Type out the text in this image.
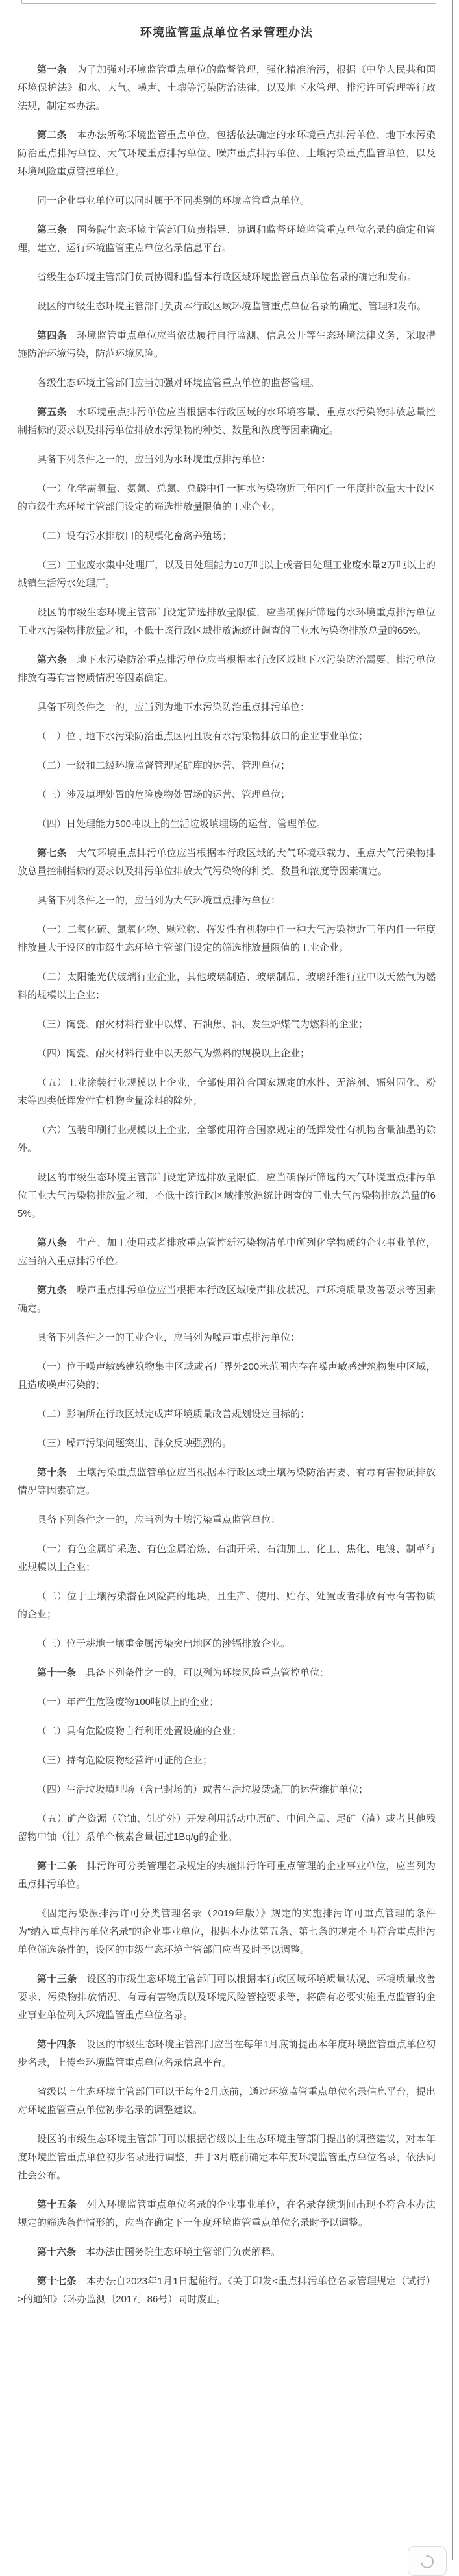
环境监管重点单位名录管理办法

第一条　为了加强对环境监管重点单位的监督管理，强化精准治污，根据《中华人民共和国环境保护法》和水、大气、噪声、土壤等污染防治法律，以及地下水管理、排污许可管理等行政法规，制定本办法。

第二条　本办法所称环境监管重点单位，包括依法确定的水环境重点排污单位、地下水污染防治重点排污单位、大气环境重点排污单位、噪声重点排污单位、土壤污染重点监管单位，以及环境风险重点管控单位。

同一企业事业单位可以同时属于不同类别的环境监管重点单位。

第三条　国务院生态环境主管部门负责指导、协调和监督环境监管重点单位名录的确定和管理，建立、运行环境监管重点单位名录信息平台。

省级生态环境主管部门负责协调和监督本行政区域环境监管重点单位名录的确定和发布。

设区的市级生态环境主管部门负责本行政区域环境监管重点单位名录的确定、管理和发布。

第四条　环境监管重点单位应当依法履行自行监测、信息公开等生态环境法律义务，采取措施防治环境污染，防范环境风险。

各级生态环境主管部门应当加强对环境监管重点单位的监督管理。

第五条　水环境重点排污单位应当根据本行政区域的水环境容量、重点水污染物排放总量控制指标的要求以及排污单位排放水污染物的种类、数量和浓度等因素确定。

具备下列条件之一的，应当列为水环境重点排污单位：

（一）化学需氧量、氨氮、总氮、总磷中任一种水污染物近三年内任一年度排放量大于设区的市级生态环境主管部门设定的筛选排放量限值的工业企业；

（二）设有污水排放口的规模化畜禽养殖场；

（三）工业废水集中处理厂，以及日处理能力10万吨以上或者日处理工业废水量2万吨以上的城镇生活污水处理厂。

设区的市级生态环境主管部门设定筛选排放量限值，应当确保所筛选的水环境重点排污单位工业水污染物排放量之和，不低于该行政区域排放源统计调查的工业水污染物排放总量的65%。

第六条　地下水污染防治重点排污单位应当根据本行政区域地下水污染防治需要、排污单位排放有毒有害物质情况等因素确定。

具备下列条件之一的，应当列为地下水污染防治重点排污单位：

（一）位于地下水污染防治重点区内且设有水污染物排放口的企业事业单位；

（二）一级和二级环境监督管理尾矿库的运营、管理单位；

（三）涉及填埋处置的危险废物处置场的运营、管理单位；

（四）日处理能力500吨以上的生活垃圾填埋场的运营、管理单位。

第七条　大气环境重点排污单位应当根据本行政区域的大气环境承载力、重点大气污染物排放总量控制指标的要求以及排污单位排放大气污染物的种类、数量和浓度等因素确定。

具备下列条件之一的，应当列为大气环境重点排污单位：

（一）二氧化硫、氮氧化物、颗粒物、挥发性有机物中任一种大气污染物近三年内任一年度排放量大于设区的市级生态环境主管部门设定的筛选排放量限值的工业企业；

（二）太阳能光伏玻璃行业企业，其他玻璃制造、玻璃制品、玻璃纤维行业中以天然气为燃料的规模以上企业；

（三）陶瓷、耐火材料行业中以煤、石油焦、油、发生炉煤气为燃料的企业；

（四）陶瓷、耐火材料行业中以天然气为燃料的规模以上企业；

（五）工业涂装行业规模以上企业，全部使用符合国家规定的水性、无溶剂、辐射固化、粉末等四类低挥发性有机物含量涂料的除外；

（六）包装印刷行业规模以上企业，全部使用符合国家规定的低挥发性有机物含量油墨的除外。

设区的市级生态环境主管部门设定筛选排放量限值，应当确保所筛选的大气环境重点排污单位工业大气污染物排放量之和，不低于该行政区域排放源统计调查的工业大气污染物排放总量的65%。

第八条　生产、加工使用或者排放重点管控新污染物清单中所列化学物质的企业事业单位，应当纳入重点排污单位。

第九条　噪声重点排污单位应当根据本行政区域噪声排放状况、声环境质量改善要求等因素确定。

具备下列条件之一的工业企业，应当列为噪声重点排污单位：

（一）位于噪声敏感建筑物集中区域或者厂界外200米范围内存在噪声敏感建筑物集中区域，且造成噪声污染的；

（二）影响所在行政区域完成声环境质量改善规划设定目标的；

（三）噪声污染问题突出、群众反映强烈的。

第十条　土壤污染重点监管单位应当根据本行政区域土壤污染防治需要、有毒有害物质排放情况等因素确定。

具备下列条件之一的，应当列为土壤污染重点监管单位：

（一）有色金属矿采选、有色金属冶炼、石油开采、石油加工、化工、焦化、电镀、制革行业规模以上企业；

（二）位于土壤污染潜在风险高的地块，且生产、使用、贮存、处置或者排放有毒有害物质的企业；

（三）位于耕地土壤重金属污染突出地区的涉镉排放企业。

第十一条　具备下列条件之一的，可以列为环境风险重点管控单位：

（一）年产生危险废物100吨以上的企业；

（二）具有危险废物自行利用处置设施的企业；

（三）持有危险废物经营许可证的企业；

（四）生活垃圾填埋场（含已封场的）或者生活垃圾焚烧厂的运营维护单位；

（五）矿产资源（除铀、钍矿外）开发利用活动中原矿、中间产品、尾矿（渣）或者其他残留物中铀（钍）系单个核素含量超过1Bq/g的企业。

第十二条　排污许可分类管理名录规定的实施排污许可重点管理的企业事业单位，应当列为重点排污单位。

《固定污染源排污许可分类管理名录（2019年版）》规定的实施排污许可重点管理的条件为“纳入重点排污单位名录”的企业事业单位，根据本办法第五条、第七条的规定不再符合重点排污单位筛选条件的，设区的市级生态环境主管部门应当及时予以调整。

第十三条　设区的市级生态环境主管部门可以根据本行政区域环境质量状况、环境质量改善要求、污染物排放情况、有毒有害物质以及环境风险管控要求等，将确有必要实施重点监管的企业事业单位列入环境监管重点单位名录。

第十四条　设区的市级生态环境主管部门应当在每年1月底前提出本年度环境监管重点单位初步名录，上传至环境监管重点单位名录信息平台。

省级以上生态环境主管部门可以于每年2月底前，通过环境监管重点单位名录信息平台，提出对环境监管重点单位初步名录的调整建议。

设区的市级生态环境主管部门可以根据省级以上生态环境主管部门提出的调整建议，对本年度环境监管重点单位初步名录进行调整，并于3月底前确定本年度环境监管重点单位名录，依法向社会公布。

第十五条　列入环境监管重点单位名录的企业事业单位，在名录存续期间出现不符合本办法规定的筛选条件情形的，应当在确定下一年度环境监管重点单位名录时予以调整。

第十六条　本办法由国务院生态环境主管部门负责解释。

第十七条　本办法自2023年1月1日起施行。《关于印发<重点排污单位名录管理规定（试行）>的通知》（环办监测〔2017〕86号）同时废止。
